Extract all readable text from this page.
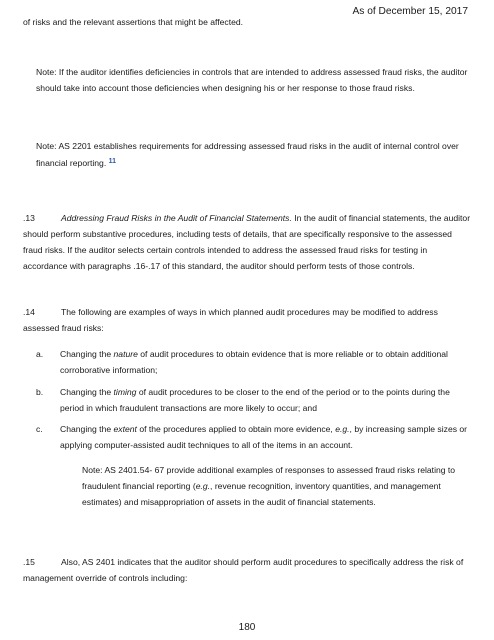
As of December 15, 2017

of risks and the relevant assertions that might be affected.

Note: If the auditor identifies deficiencies in controls that are intended to address assessed fraud risks, the auditor should take into account those deficiencies when designing his or her response to those fraud risks.

Note: AS 2201 establishes requirements for addressing assessed fraud risks in the audit of internal control over financial reporting. $^{11}$

.13	Addressing Fraud Risks in the Audit of Financial Statements. In the audit of financial statements, the auditor should perform substantive procedures, including tests of details, that are specifically responsive to the assessed fraud risks. If the auditor selects certain controls intended to address the assessed fraud risks for testing in accordance with paragraphs .16-.17 of this standard, the auditor should perform tests of those controls.

.14	The following are examples of ways in which planned audit procedures may be modified to address assessed fraud risks:

a.	Changing the nature of audit procedures to obtain evidence that is more reliable or to obtain additional corroborative information;
b.	Changing the timing of audit procedures to be closer to the end of the period or to the points during the period in which fraudulent transactions are more likely to occur; and
c.	Changing the extent of the procedures applied to obtain more evidence, e.g., by increasing sample sizes or applying computer-assisted audit techniques to all of the items in an account.

Note: AS 2401.54- 67 provide additional examples of responses to assessed fraud risks relating to fraudulent financial reporting (e.g., revenue recognition, inventory quantities, and management estimates) and misappropriation of assets in the audit of financial statements.

.15	Also, AS 2401 indicates that the auditor should perform audit procedures to specifically address the risk of management override of controls including:

180
